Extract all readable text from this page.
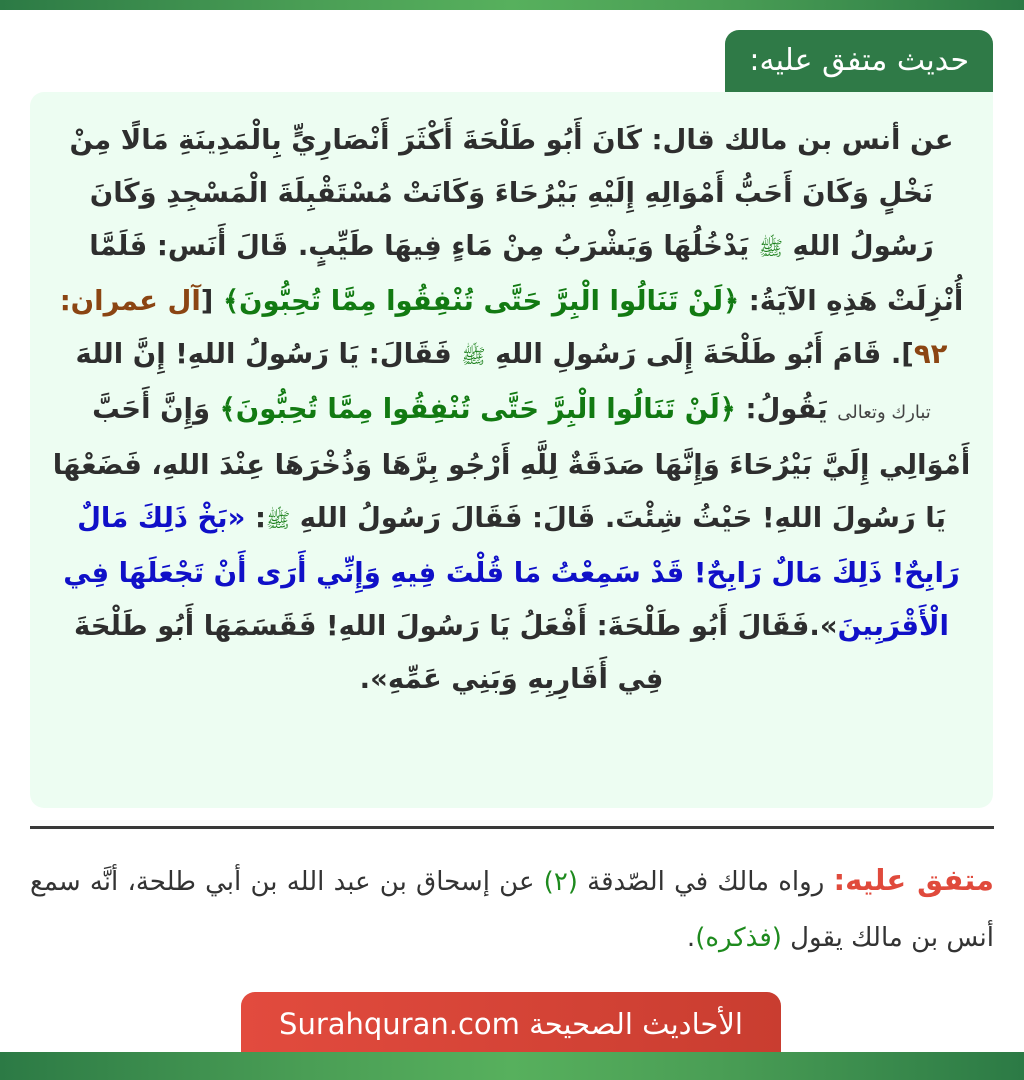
حديث متفق عليه:

عن أنس بن مالك قال: كَانَ أَبُو طَلْحَةَ أَكْثَرَ أَنْصَارِيٍّ بِالْمَدِينَةِ مَالًا مِنْ نَخْلٍ وَكَانَ أَحَبُّ أَمْوَالِهِ إِلَيْهِ بَيْرُحَاءَ وَكَانَتْ مُسْتَقْبِلَةَ الْمَسْجِدِ وَكَانَ رَسُولُ اللهِ ﷺ يَدْخُلُهَا وَيَشْرَبُ مِنْ مَاءٍ فِيهَا طَيِّبٍ. قَالَ أَنَس: فَلَمَّا أُنْزِلَتْ هَذِهِ الآيَةُ: ﴿لَنْ تَنَالُوا الْبِرَّ حَتَّى تُنْفِقُوا مِمَّا تُحِبُّونَ﴾ [آل عمران: ٩٢]. قَامَ أَبُو طَلْحَةَ إِلَى رَسُولِ اللهِ ﷺ فَقَالَ: يَا رَسُولُ اللهِ! إِنَّ اللهَ تبارك وتعالى يَقُولُ: ﴿لَنْ تَنَالُوا الْبِرَّ حَتَّى تُنْفِقُوا مِمَّا تُحِبُّونَ﴾ وَإِنَّ أَحَبَّ أَمْوَالِي إِلَيَّ بَيْرُحَاءَ وَإِنَّهَا صَدَقَةٌ لِلَّهِ أَرْجُو بِرَّهَا وَذُخْرَهَا عِنْدَ اللهِ، فَضَعْهَا يَا رَسُولَ اللهِ! حَيْثُ شِئْتَ. قَالَ: فَقَالَ رَسُولُ اللهِ ﷺ: «بَخْ ذَلِكَ مَالٌ رَابِحٌ! ذَلِكَ مَالٌ رَابِحٌ! قَدْ سَمِعْتُ مَا قُلْتَ فِيهِ وَإِنِّي أَرَى أَنْ تَجْعَلَهَا فِي الْأَقْرَبِينَ».فَقَالَ أَبُو طَلْحَةَ: أَفْعَلُ يَا رَسُولَ اللهِ! فَقَسَمَهَا أَبُو طَلْحَةَ فِي أَقَارِبِهِ وَبَنِي عَمِّهِ».

متفق عليه: رواه مالك في الصّدقة (٢) عن إسحاق بن عبد الله بن أبي طلحة، أنَّه سمع أنس بن مالك يقول (فذكره).
الأحاديث الصحيحة Surahquran.com
